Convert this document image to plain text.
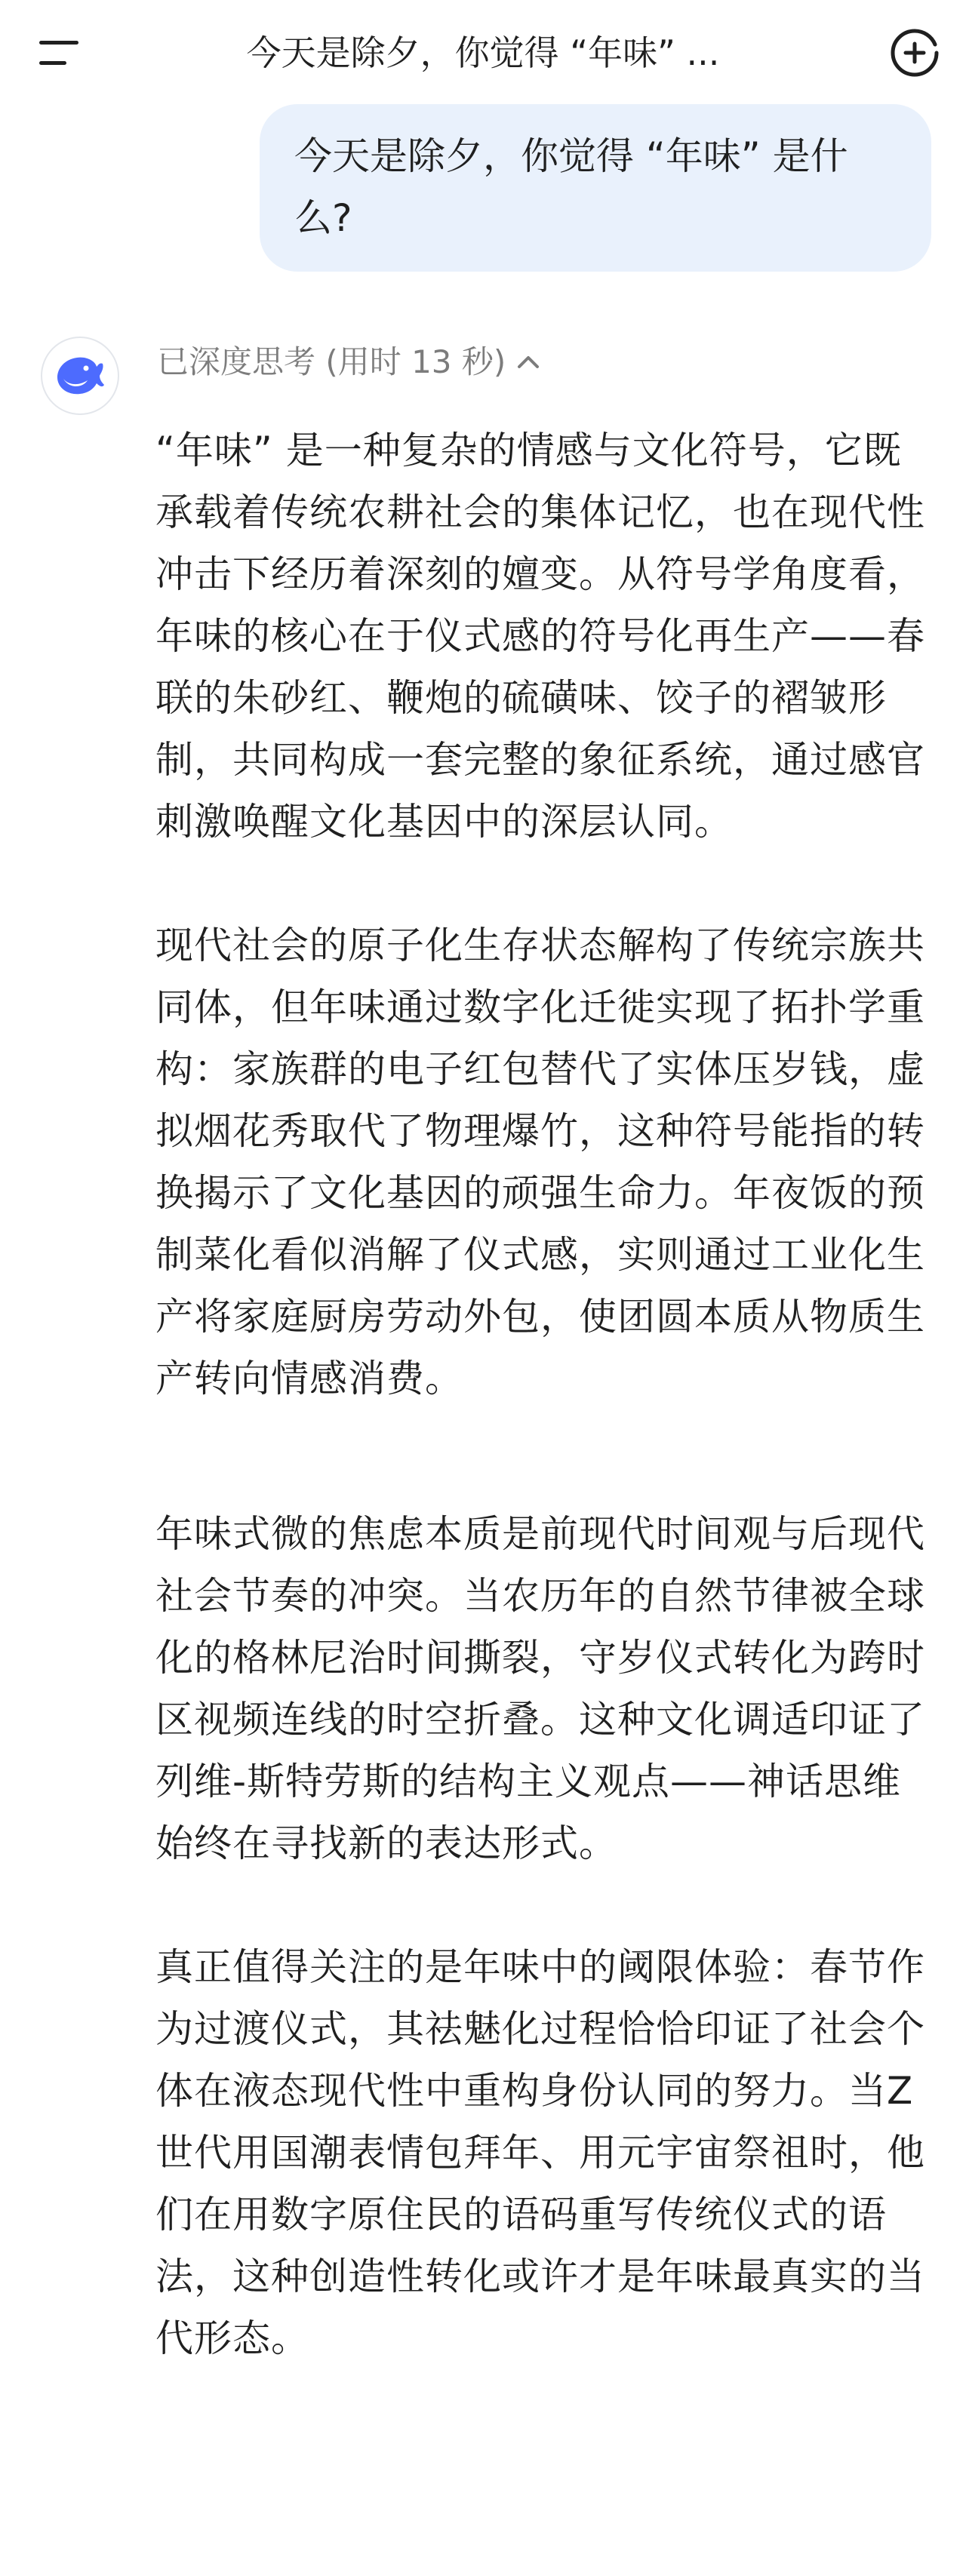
今天是除夕，你觉得 “年味” ...
今天是除夕，你觉得 “年味” 是什么?
已深度思考 (用时 13 秒)

“年味” 是一种复杂的情感与文化符号，它既承载着传统农耕社会的集体记忆，也在现代性冲击下经历着深刻的嬗变。从符号学角度看，年味的核心在于仪式感的符号化再生产——春联的朱砂红、鞭炮的硫磺味、饺子的褶皱形制，共同构成一套完整的象征系统，通过感官刺激唤醒文化基因中的深层认同。

现代社会的原子化生存状态解构了传统宗族共同体，但年味通过数字化迁徙实现了拓扑学重构：家族群的电子红包替代了实体压岁钱，虚拟烟花秀取代了物理爆竹，这种符号能指的转换揭示了文化基因的顽强生命力。年夜饭的预制菜化看似消解了仪式感，实则通过工业化生产将家庭厨房劳动外包，使团圆本质从物质生产转向情感消费。

年味式微的焦虑本质是前现代时间观与后现代社会节奏的冲突。当农历年的自然节律被全球化的格林尼治时间撕裂，守岁仪式转化为跨时区视频连线的时空折叠。这种文化调适印证了列维-斯特劳斯的结构主义观点——神话思维始终在寻找新的表达形式。

真正值得关注的是年味中的阈限体验：春节作为过渡仪式，其祛魅化过程恰恰印证了社会个体在液态现代性中重构身份认同的努力。当Z世代用国潮表情包拜年、用元宇宙祭祖时，他们在用数字原住民的语码重写传统仪式的语法，这种创造性转化或许才是年味最真实的当代形态。
